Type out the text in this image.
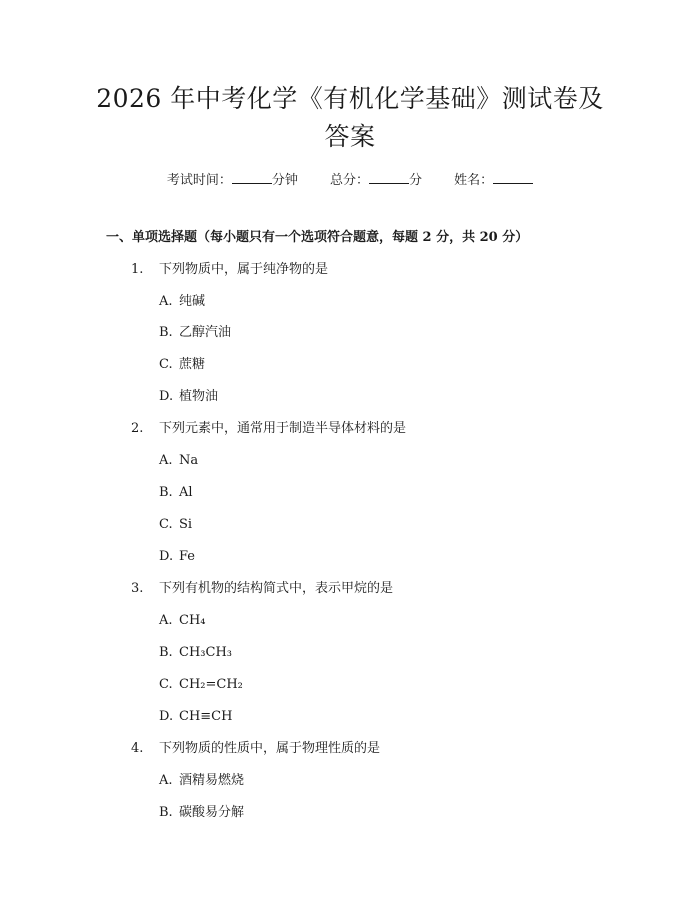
2026 年中考化学《有机化学基础》测试卷及
答案
考试时间：	分钟 总分：	分 姓名：
一、单项选择题（每小题只有一个选项符合题意，每题 2 分，共 20 分）
1. 下列物质中，属于纯净物的是
A. 纯碱
B. 乙醇汽油
C. 蔗糖
D. 植物油
2. 下列元素中，通常用于制造半导体材料的是
A. Na
B. Al
C. Si
D. Fe
3. 下列有机物的结构简式中，表示甲烷的是
A. CH₄
B. CH₃CH₃
C. CH₂=CH₂
D. CH≡CH
4. 下列物质的性质中，属于物理性质的是
A. 酒精易燃烧
B. 碳酸易分解
